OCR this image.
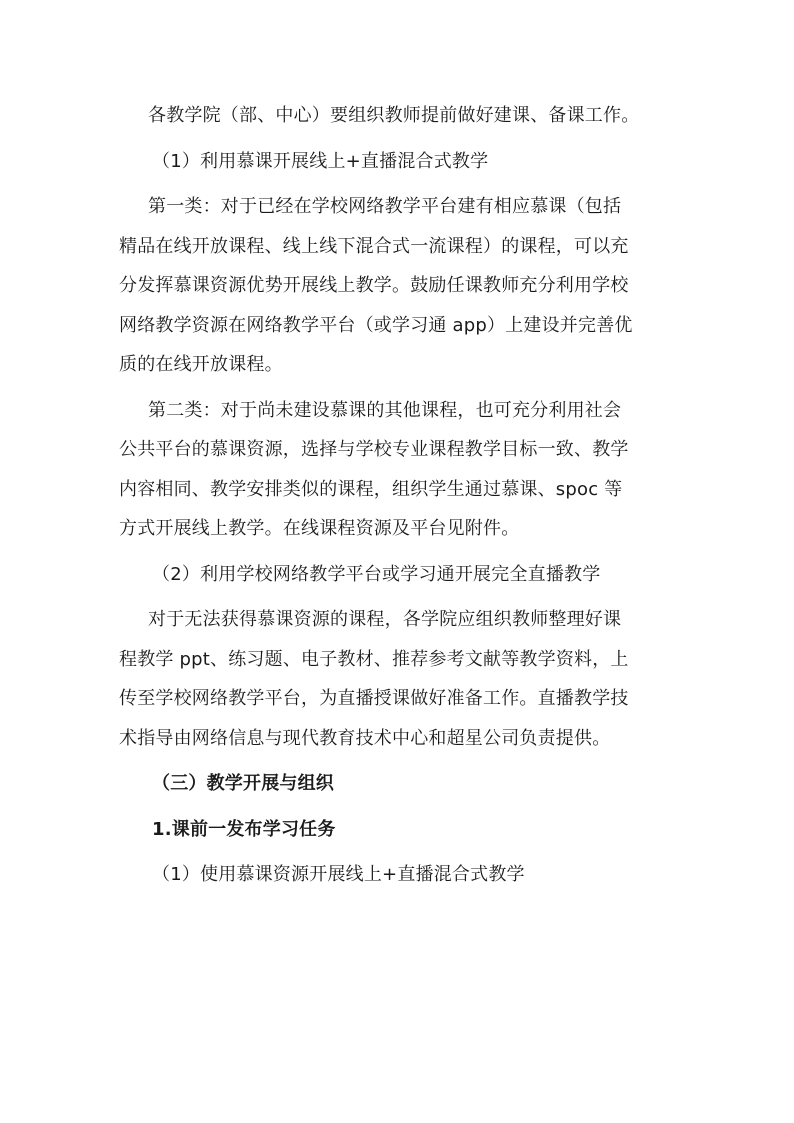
各教学院（部、中心）要组织教师提前做好建课、备课工作。

（1）利用慕课开展线上+直播混合式教学

第一类：对于已经在学校网络教学平台建有相应慕课（包括
精品在线开放课程、线上线下混合式一流课程）的课程，可以充
分发挥慕课资源优势开展线上教学。鼓励任课教师充分利用学校
网络教学资源在网络教学平台（或学习通 app）上建设并完善优
质的在线开放课程。

第二类：对于尚未建设慕课的其他课程，也可充分利用社会
公共平台的慕课资源，选择与学校专业课程教学目标一致、教学
内容相同、教学安排类似的课程，组织学生通过慕课、spoc 等
方式开展线上教学。在线课程资源及平台见附件。

（2）利用学校网络教学平台或学习通开展完全直播教学

对于无法获得慕课资源的课程，各学院应组织教师整理好课
程教学 ppt、练习题、电子教材、推荐参考文献等教学资料，上
传至学校网络教学平台，为直播授课做好准备工作。直播教学技
术指导由网络信息与现代教育技术中心和超星公司负责提供。

（三）教学开展与组织

1.课前一发布学习任务

（1）使用慕课资源开展线上+直播混合式教学
